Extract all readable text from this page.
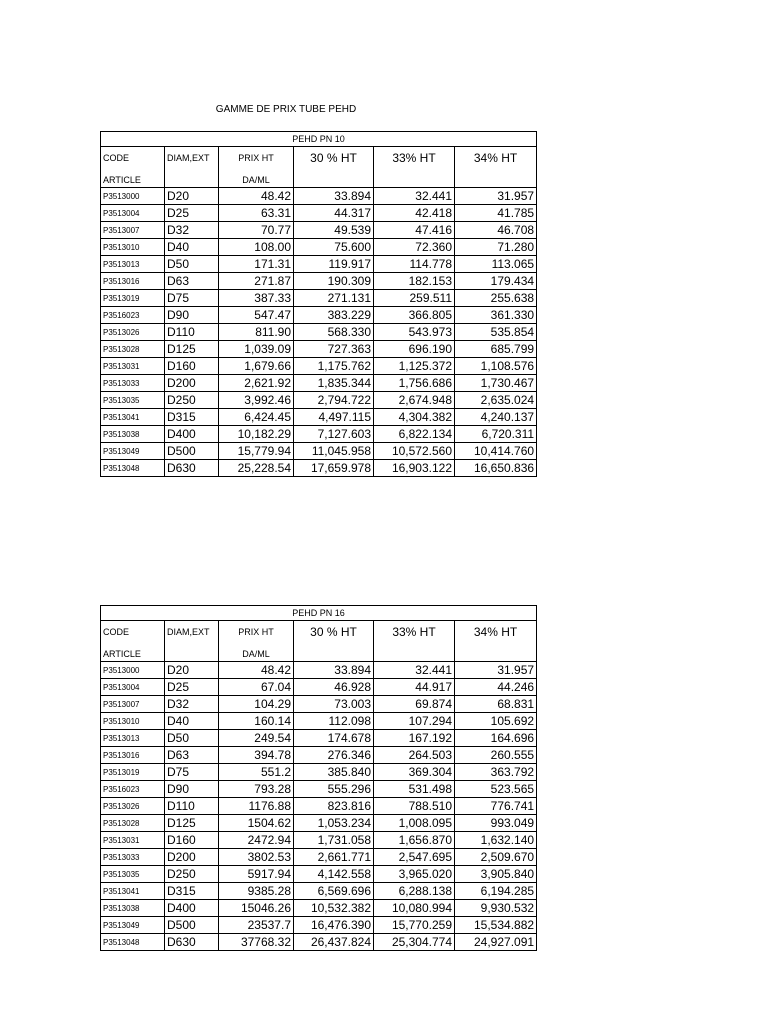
GAMME DE PRIX TUBE PEHD
PEHD PN 10					
CODE	DIAM,EXT	PRIX HT	30 % HT	33% HT	34% HT
ARTICLE		DA/ML			
P3513000	D20	48.42	33.894	32.441	31.957
P3513004	D25	63.31	44.317	42.418	41.785
P3513007	D32	70.77	49.539	47.416	46.708
P3513010	D40	108.00	75.600	72.360	71.280
P3513013	D50	171.31	119.917	114.778	113.065
P3513016	D63	271.87	190.309	182.153	179.434
P3513019	D75	387.33	271.131	259.511	255.638
P3516023	D90	547.47	383.229	366.805	361.330
P3513026	D110	811.90	568.330	543.973	535.854
P3513028	D125	1,039.09	727.363	696.190	685.799
P3513031	D160	1,679.66	1,175.762	1,125.372	1,108.576
P3513033	D200	2,621.92	1,835.344	1,756.686	1,730.467
P3513035	D250	3,992.46	2,794.722	2,674.948	2,635.024
P3513041	D315	6,424.45	4,497.115	4,304.382	4,240.137
P3513038	D400	10,182.29	7,127.603	6,822.134	6,720.311
P3513049	D500	15,779.94	11,045.958	10,572.560	10,414.760
P3513048	D630	25,228.54	17,659.978	16,903.122	16,650.836
PEHD PN 16					
CODE	DIAM,EXT	PRIX HT	30 % HT	33% HT	34% HT
ARTICLE		DA/ML			
P3513000	D20	48.42	33.894	32.441	31.957
P3513004	D25	67.04	46.928	44.917	44.246
P3513007	D32	104.29	73.003	69.874	68.831
P3513010	D40	160.14	112.098	107.294	105.692
P3513013	D50	249.54	174.678	167.192	164.696
P3513016	D63	394.78	276.346	264.503	260.555
P3513019	D75	551.2	385.840	369.304	363.792
P3516023	D90	793.28	555.296	531.498	523.565
P3513026	D110	1176.88	823.816	788.510	776.741
P3513028	D125	1504.62	1,053.234	1,008.095	993.049
P3513031	D160	2472.94	1,731.058	1,656.870	1,632.140
P3513033	D200	3802.53	2,661.771	2,547.695	2,509.670
P3513035	D250	5917.94	4,142.558	3,965.020	3,905.840
P3513041	D315	9385.28	6,569.696	6,288.138	6,194.285
P3513038	D400	15046.26	10,532.382	10,080.994	9,930.532
P3513049	D500	23537.7	16,476.390	15,770.259	15,534.882
P3513048	D630	37768.32	26,437.824	25,304.774	24,927.091
